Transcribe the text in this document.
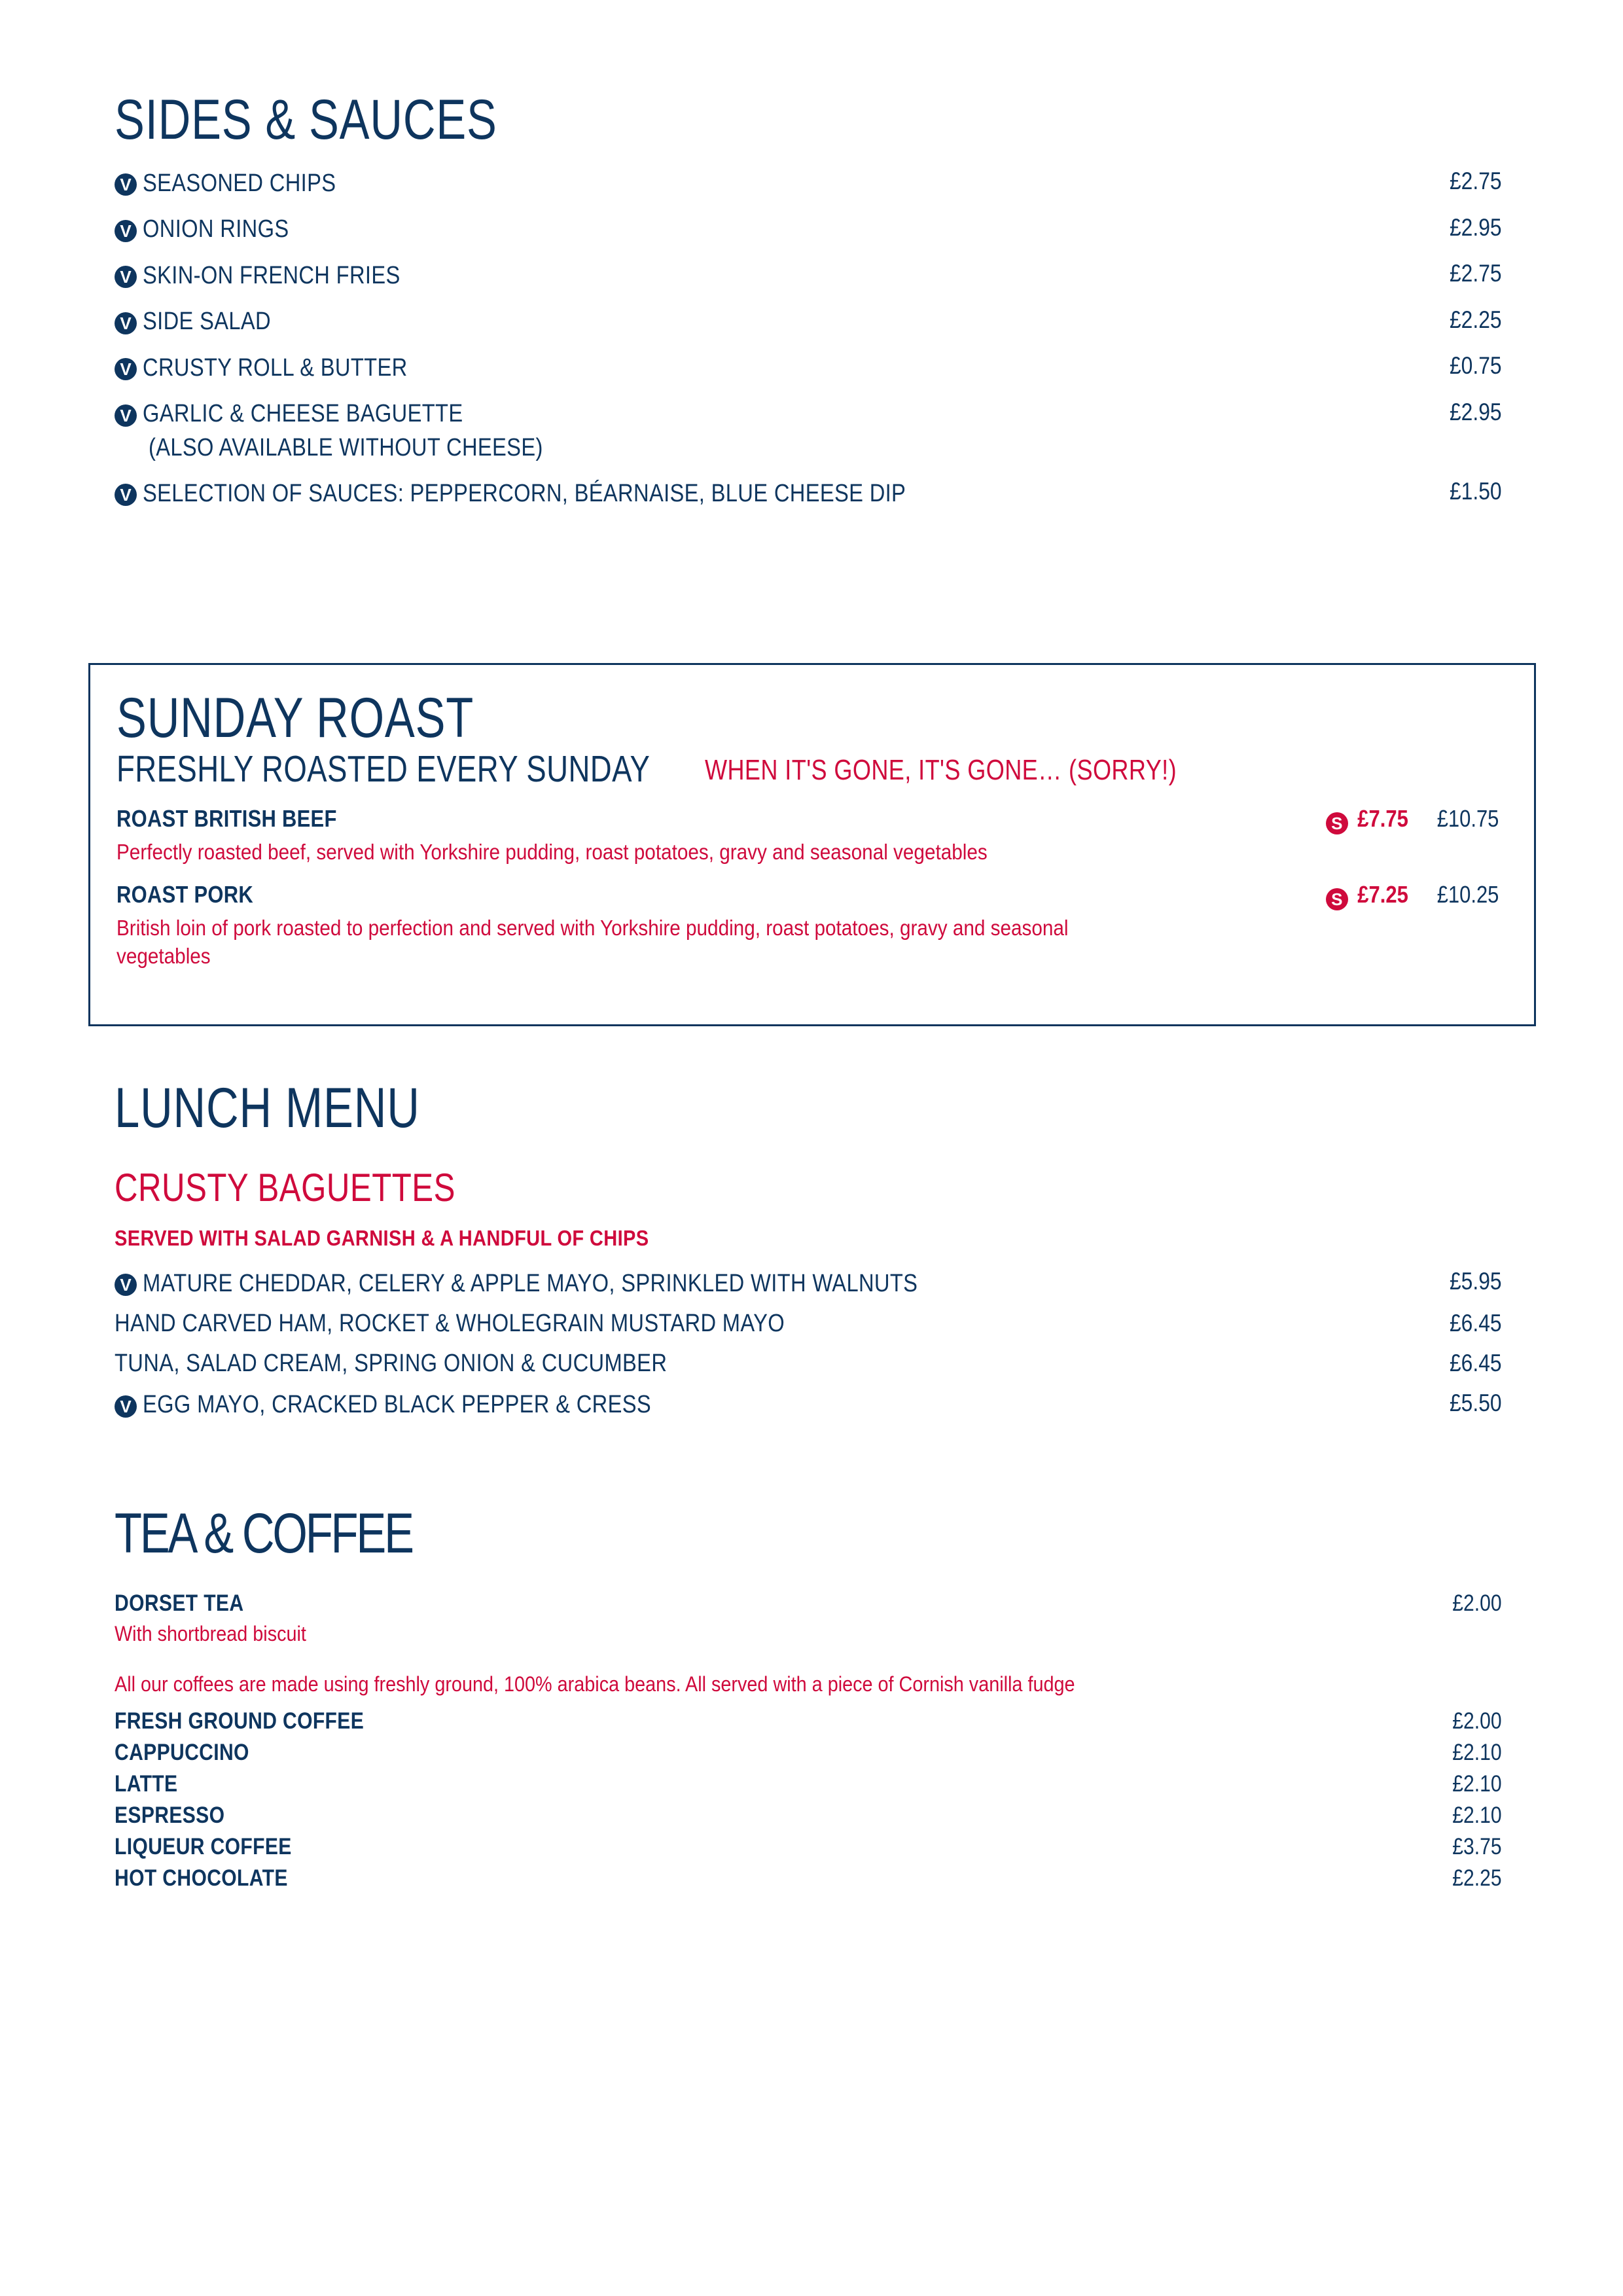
SIDES & SAUCES
V SEASONED CHIPS	£2.75
V ONION RINGS	£2.95
V SKIN-ON FRENCH FRIES	£2.75
V SIDE SALAD	£2.25
V CRUSTY ROLL & BUTTER	£0.75
V GARLIC & CHEESE BAGUETTE	£2.95
(ALSO AVAILABLE WITHOUT CHEESE)
V SELECTION OF SAUCES: PEPPERCORN, BÉARNAISE, BLUE CHEESE DIP	£1.50
SUNDAY ROAST
FRESHLY ROASTED EVERY SUNDAY WHEN IT'S GONE, IT'S GONE… (SORRY!)
ROAST BRITISH BEEF	S £7.75 £10.75
Perfectly roasted beef, served with Yorkshire pudding, roast potatoes, gravy and seasonal vegetables
ROAST PORK	S £7.25 £10.25
British loin of pork roasted to perfection and served with Yorkshire pudding, roast potatoes, gravy and seasonal vegetables
LUNCH MENU
CRUSTY BAGUETTES
SERVED WITH SALAD GARNISH & A HANDFUL OF CHIPS
V MATURE CHEDDAR, CELERY & APPLE MAYO, SPRINKLED WITH WALNUTS	£5.95
HAND CARVED HAM, ROCKET & WHOLEGRAIN MUSTARD MAYO	£6.45
TUNA, SALAD CREAM, SPRING ONION & CUCUMBER	£6.45
V EGG MAYO, CRACKED BLACK PEPPER & CRESS	£5.50
TEA & COFFEE
DORSET TEA	£2.00
With shortbread biscuit
All our coffees are made using freshly ground, 100% arabica beans. All served with a piece of Cornish vanilla fudge
FRESH GROUND COFFEE	£2.00
CAPPUCCINO	£2.10
LATTE	£2.10
ESPRESSO	£2.10
LIQUEUR COFFEE	£3.75
HOT CHOCOLATE	£2.25
